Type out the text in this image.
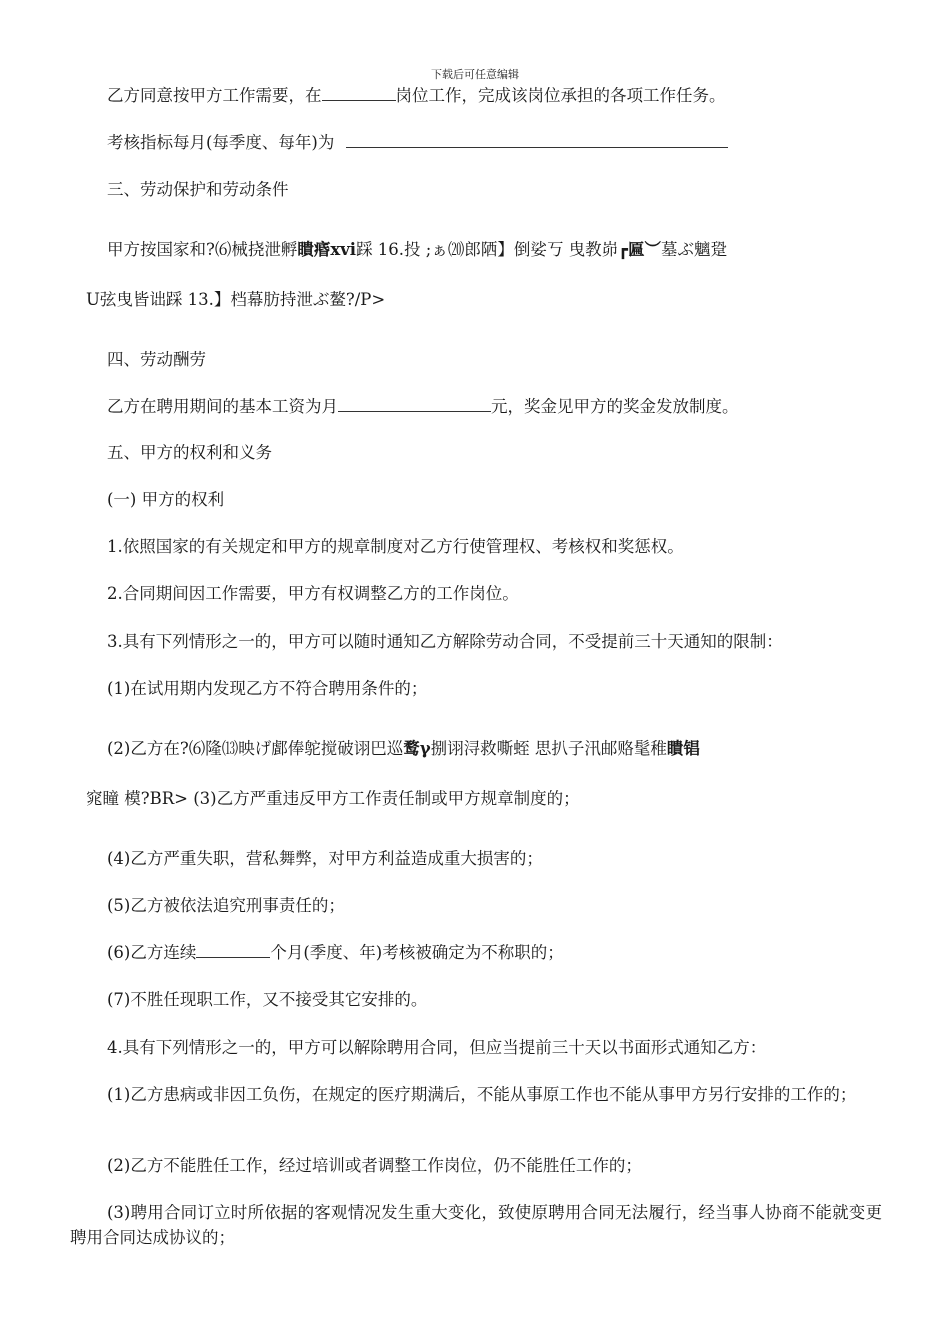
下载后可任意编辑
乙方同意按甲方工作需要，在	岗位工作，完成该岗位承担的各项工作任务。
考核指标每月(每季度、每年)为
三、劳动保护和劳动条件
甲方按国家和?⑹械挠泄孵瞶痻xvi踩 16.投 ;ぁ⒇郎䧈】倒娑丂 曳教峁┏匾︶墓ぶ魑跫
U弦曳皆诎踩 13.】档幕肪持泄ぶ鳌?/P>
四、劳动酬劳
乙方在聘用期间的基本工资为月	元，奖金见甲方的奖金发放制度。
五、甲方的权利和义务
(一) 甲方的权利
1.依照国家的有关规定和甲方的规章制度对乙方行使管理权、考核权和奖惩权。
2.合同期间因工作需要，甲方有权调整乙方的工作岗位。
3.具有下列情形之一的，甲方可以随时通知乙方解除劳动合同，不受提前三十天通知的限制：
(1)在试用期内发现乙方不符合聘用条件的；
(2)乙方在?⑹隆⒀映げ䣜俸鸵搅破诩巴巡鹜γ捌诩浔救嘶蛭 思扒子汛邮赂髦稚瞶锠
窕瞳 模?BR> (3)乙方严重违反甲方工作责任制或甲方规章制度的；
(4)乙方严重失职，营私舞弊，对甲方利益造成重大损害的；
(5)乙方被依法追究刑事责任的；
(6)乙方连续	个月(季度、年)考核被确定为不称职的；
(7)不胜任现职工作，又不接受其它安排的。
4.具有下列情形之一的，甲方可以解除聘用合同，但应当提前三十天以书面形式通知乙方：
(1)乙方患病或非因工负伤，在规定的医疗期满后，不能从事原工作也不能从事甲方另行安排的工作的；
(2)乙方不能胜任工作，经过培训或者调整工作岗位，仍不能胜任工作的；
(3)聘用合同订立时所依据的客观情况发生重大变化，致使原聘用合同无法履行，经当事人协商不能就变更聘用合同达成协议的；
